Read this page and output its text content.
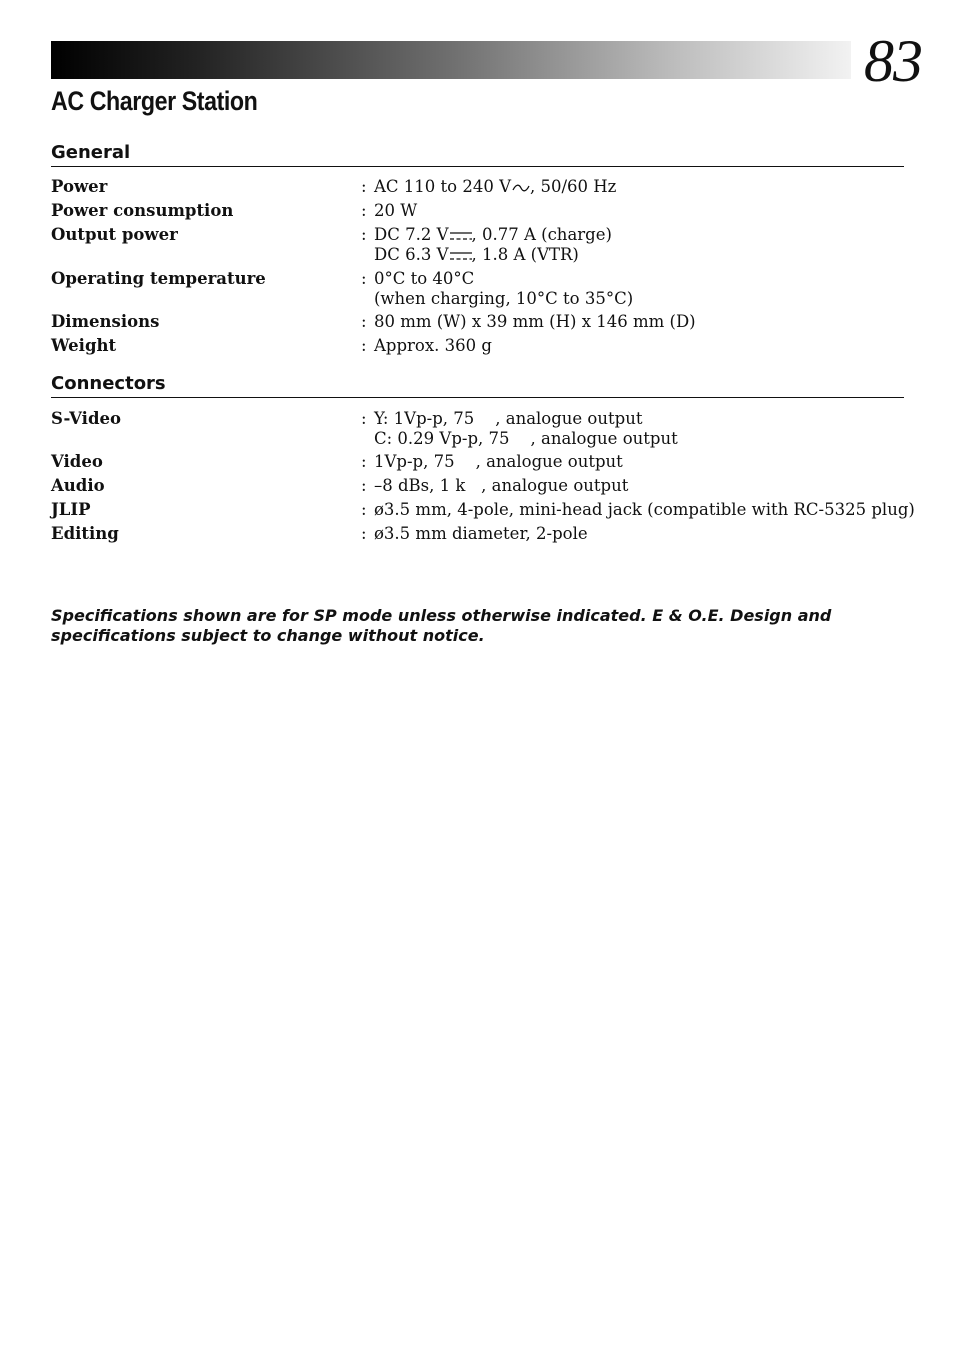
83
AC Charger Station
General
Power	: AC 110 to 240 V , 50/60 Hz
Power consumption	: 20 W
Output power	: DC 7.2 V , 0.77 A (charge)
DC 6.3 V , 1.8 A (VTR)
Operating temperature	: 0°C to 40°C
(when charging, 10°C to 35°C)
Dimensions	: 80 mm (W) x 39 mm (H) x 146 mm (D)
Weight	: Approx. 360 g
Connectors
S-Video	: Y: 1Vp-p, 75    , analogue output
C: 0.29 Vp-p, 75    , analogue output
Video	: 1Vp-p, 75    , analogue output
Audio	: –8 dBs, 1 k   , analogue output
JLIP	: ø3.5 mm, 4-pole, mini-head jack (compatible with RC-5325 plug)
Editing	: ø3.5 mm diameter, 2-pole

Specifications shown are for SP mode unless otherwise indicated. E & O.E. Design and specifications subject to change without notice.
